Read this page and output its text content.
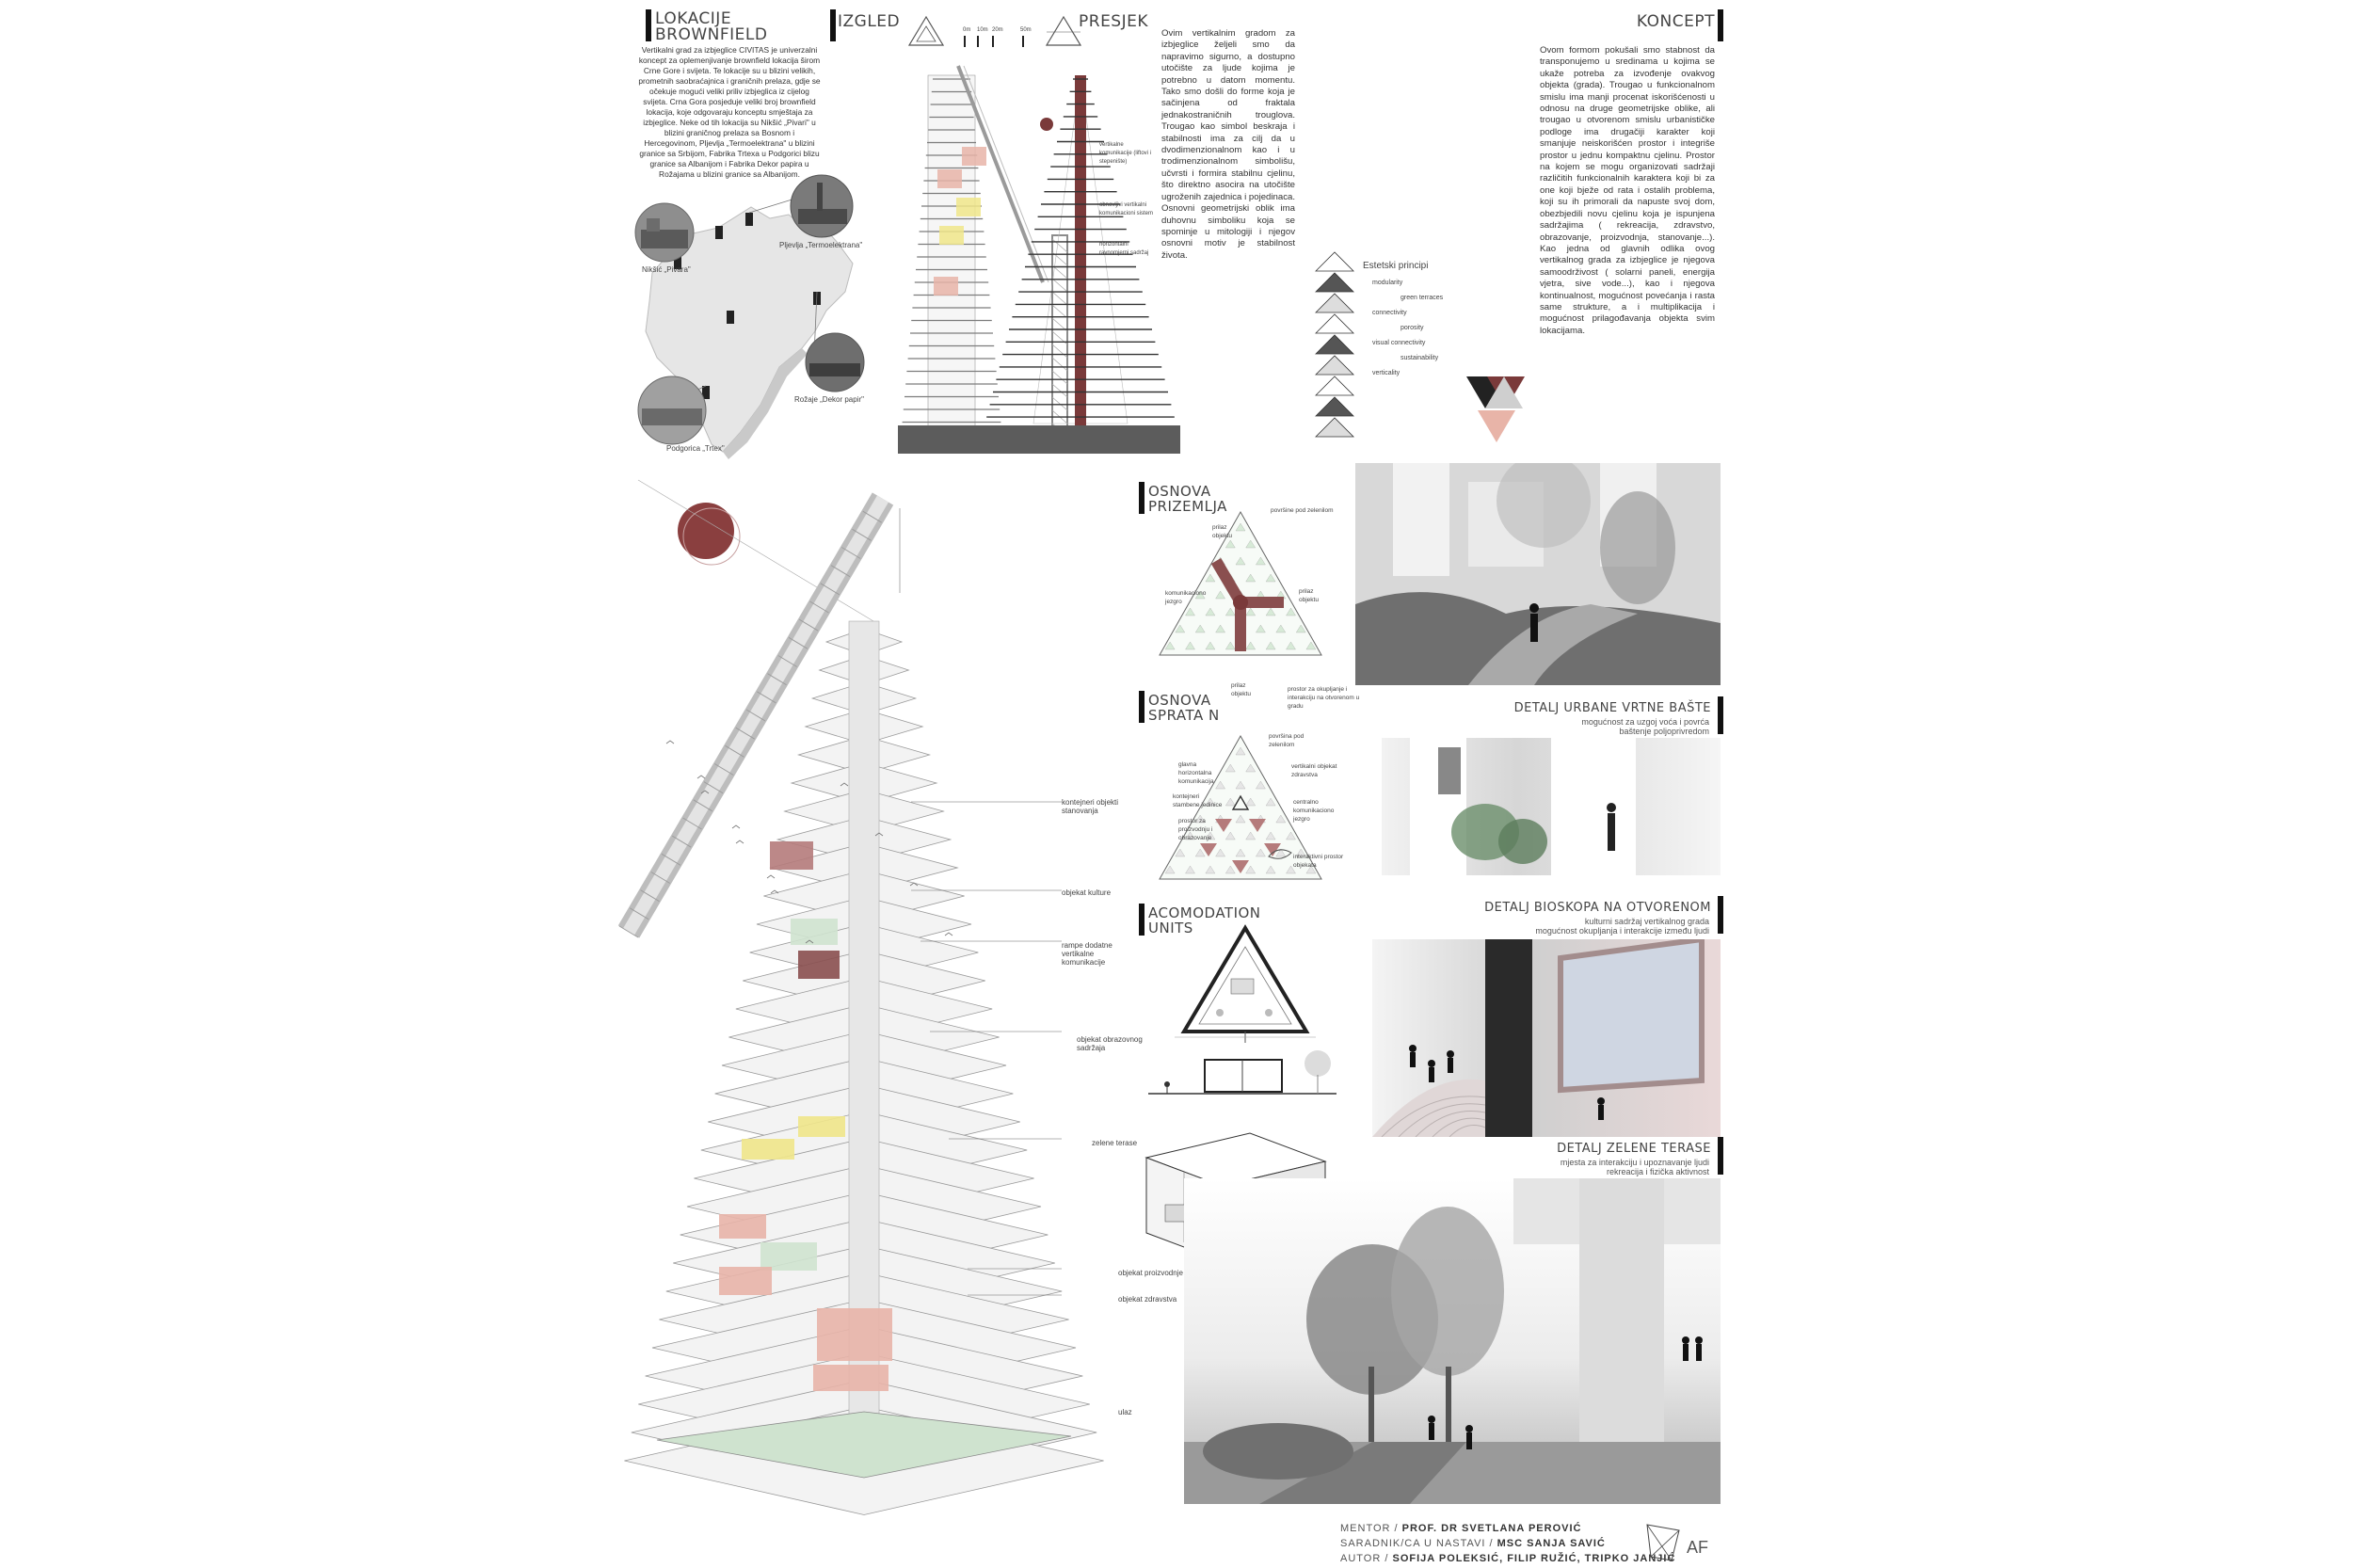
LOKACIJE
BROWNFIELD
Vertikalni grad za izbjeglice CIVITAS je univerzalni koncept za oplemenjivanje brownfield lokacija širom Crne Gore i svijeta. Te lokacije su u blizini velikih, prometnih saobraćajnica i graničnih prelaza, gdje se očekuje mogući veliki priliv izbjeglica iz cijelog svijeta. Crna Gora posjeduje veliki broj brownfield lokacija, koje odgovaraju konceptu smještaja za izbjeglice. Neke od tih lokacija su Nikšić „Pivari" u blizini graničnog prelaza sa Bosnom i Hercegovinom, Pljevlja „Termoelektrana" u blizini granice sa Srbijom, Fabrika Trtexa u Podgorici blizu granice sa Albanijom i Fabrika Dekor papira u Rožajama u blizini granice sa Albanijom.
Nikšić „Pivara"
Pljevlja „Termoelektrana"
Rožaje „Dekor papir"
Podgorica „Trtex"
IZGLED	PRESJEK
0m 10m 20m	50m
vertikalne komunikacije (liftovi i stepenište)
obnovljivi vertikalni komunikacioni sistem
horizontalni ravnomjerni sadržaj
Ovim vertikalnim gradom za izbjeglice željeli smo da napravimo sigurno, a dostupno utočište za ljude kojima je potrebno u datom momentu. Tako smo došli do forme koja je sačinjena od fraktala jednakostraničnih trouglova. Trougao kao simbol beskraja i stabilnosti ima za cilj da u dvodimenzionalnom kao i u trodimenzionalnom simbolišu, učvrsti i formira stabilnu cjelinu, što direktno asocira na utočište ugroženih zajednica i pojedinaca. Osnovni geometrijski oblik ima duhovnu simboliku koja se spominje u mitologiji i njegov osnovni motiv je stabilnost života.
KONCEPT
Ovom formom pokušali smo stabnost da transponujemo u sredinama u kojima se ukaže potreba za izvođenje ovakvog objekta (grada). Trougao u funkcionalnom smislu ima manji procenat iskorišćenosti u odnosu na druge geometrijske oblike, ali trougao u otvorenom smislu urbanističke podloge ima drugačiji karakter koji smanjuje neiskorišćen prostor i integriše prostor u jednu kompaktnu cjelinu. Prostor na kojem se mogu organizovati sadržaji različitih funkcionalnih karaktera koji bi za one koji bježe od rata i ostalih problema, koji su ih primorali da napuste svoj dom, obezbjedili novu cjelinu koja je ispunjena sadržajima ( rekreacija, zdravstvo, obrazovanje, proizvodnja, stanovanje...). Kao jedna od glavnih odlika ovog vertikalnog grada za izbjeglice je njegova samoodrživost ( solarni paneli, energija vjetra, sive vode...), kao i njegova kontinualnost, mogućnost povećanja i rasta same strukture, a i multiplikacija i mogućnost prilagođavanja objekta svim lokacijama.
Estetski principi
kontejneri objekti stanovanja
objekat kulture
rampe dodatne vertikalne komunikacije
objekat obrazovnog sadržaja
zelene terase
objekat proizvodnje
objekat zdravstva
ulaz
OSNOVA
PRIZEMLJA	površine pod zelenilom
prilaz objektu
prilaz objektu
komunikaciono jezgro
prilaz objektu
prostor za okupljanje i interakciju na otvorenom u gradu
OSNOVA
SPRATA N
površina pod zelenilom
glavna horizontalna komunikacija
vertikalni objekat zdravstva
kontejneri stambene jedinice	centralno komunikaciono jezgro
prostor za proizvodnju i obrazovanje
interaktivni prostor objekata
ACOMODATION
UNITS
DETALJ URBANE VRTNE BAŠTE
mogućnost za uzgoj voća i povrća
baštenje poljoprivredom
DETALJ BIOSKOPA NA OTVORENOM
kulturni sadržaj vertikalnog grada
mogućnost okupljanja i interakcije između ljudi
DETALJ ZELENE TERASE
mjesta za interakciju i upoznavanje ljudi
rekreacija i fizička aktivnost
MENTOR / PROF. DR SVETLANA PEROVIĆ
SARADNIK/CA U NASTAVI / MSC SANJA SAVIĆ
AUTOR / SOFIJA POLEKSIĆ, FILIP RUŽIĆ, TRIPKO JANJIĆ
AF
modularity
green terraces
connectivity
porosity
visual connectivity
sustainability
verticality
